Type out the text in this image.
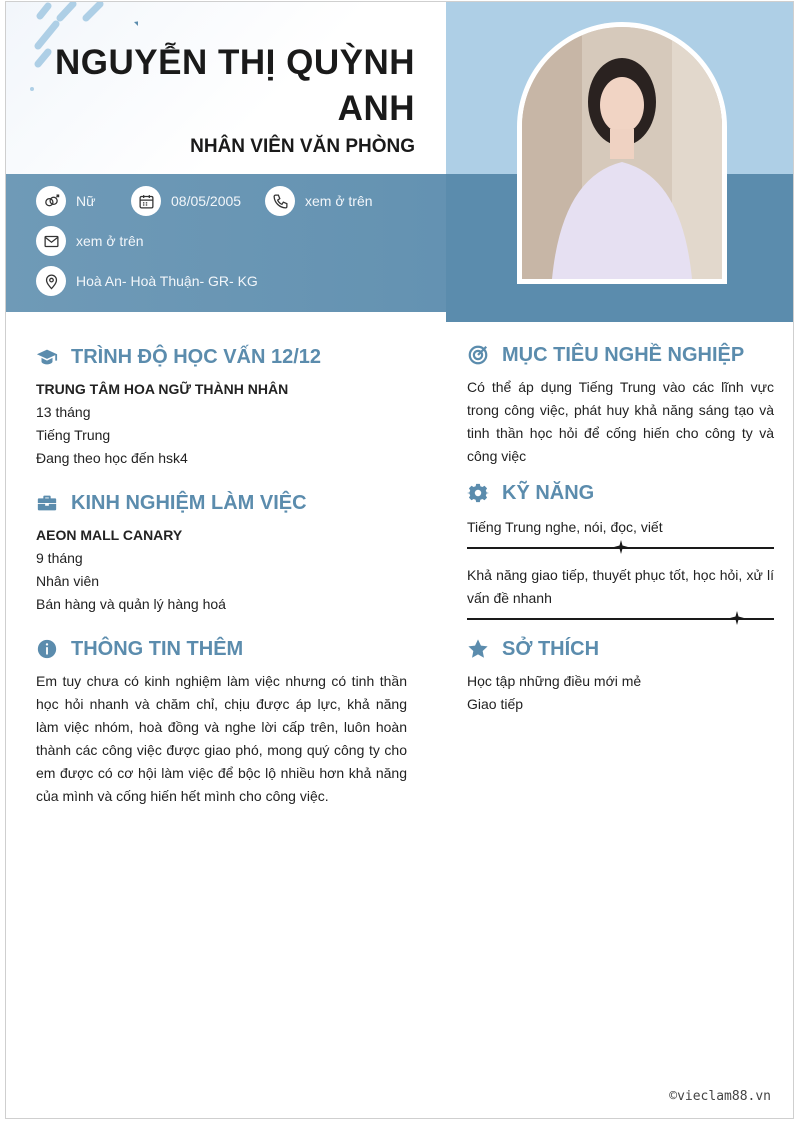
NGUYỄN THỊ QUỲNH ANH
NHÂN VIÊN VĂN PHÒNG
Nữ	08/05/2005	xem ở trên
xem ở trên
Hoà An- Hoà Thuận- GR- KG
TRÌNH ĐỘ HỌC VẤN 12/12
TRUNG TÂM HOA NGỮ THÀNH NHÂN
13 tháng
Tiếng Trung
Đang theo học đến hsk4
KINH NGHIỆM LÀM VIỆC
AEON MALL CANARY
9 tháng
Nhân viên
Bán hàng và quản lý hàng hoá
THÔNG TIN THÊM
Em tuy chưa có kinh nghiệm làm việc nhưng có tinh thần học hỏi nhanh và chăm chỉ, chịu được áp lực, khả năng làm việc nhóm, hoà đồng và nghe lời cấp trên, luôn hoàn thành các công việc được giao phó, mong quý công ty cho em được có cơ hội làm việc để bộc lộ nhiều hơn khả năng của mình và cống hiến hết mình cho công việc.
MỤC TIÊU NGHỀ NGHIỆP
Có thể áp dụng Tiếng Trung vào các lĩnh vực trong công việc, phát huy khả năng sáng tạo và tinh thần học hỏi để cống hiến cho công ty và công việc
KỸ NĂNG
Tiếng Trung nghe, nói, đọc, viết
Khả năng giao tiếp, thuyết phục tốt, học hỏi, xử lí vấn đề nhanh
SỞ THÍCH
Học tập những điều mới mẻ
Giao tiếp
©vieclam88.vn
